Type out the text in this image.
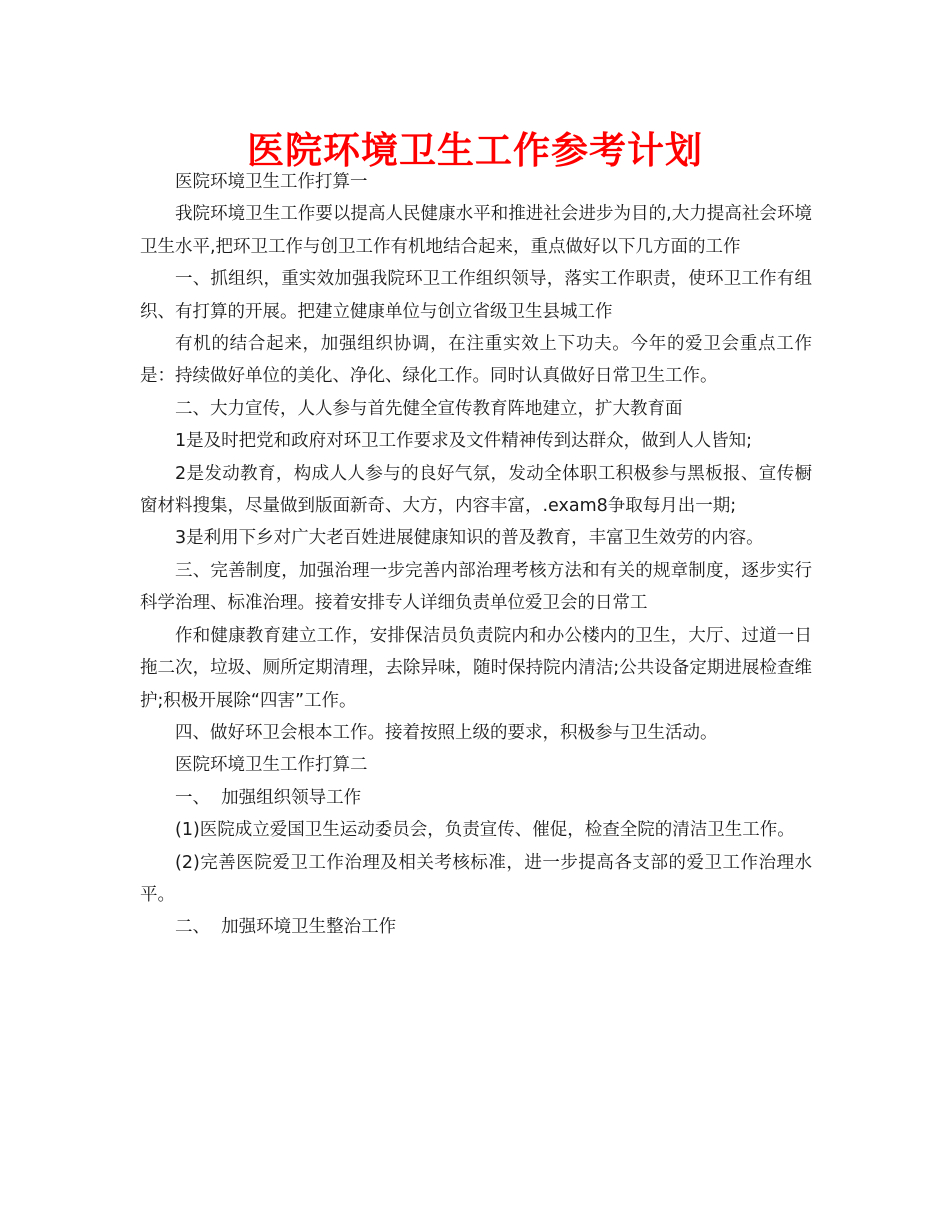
医院环境卫生工作参考计划

医院环境卫生工作打算一

我院环境卫生工作要以提高人民健康水平和推进社会进步为目的,大力提高社会环境卫生水平,把环卫工作与创卫工作有机地结合起来，重点做好以下几方面的工作

一、抓组织，重实效加强我院环卫工作组织领导，落实工作职责，使环卫工作有组织、有打算的开展。把建立健康单位与创立省级卫生县城工作

有机的结合起来，加强组织协调，在注重实效上下功夫。今年的爱卫会重点工作是：持续做好单位的美化、净化、绿化工作。同时认真做好日常卫生工作。

二、大力宣传，人人参与首先健全宣传教育阵地建立，扩大教育面

1是及时把党和政府对环卫工作要求及文件精神传到达群众，做到人人皆知;

2是发动教育，构成人人参与的良好气氛，发动全体职工积极参与黑板报、宣传橱窗材料搜集，尽量做到版面新奇、大方，内容丰富，.exam8争取每月出一期;

3是利用下乡对广大老百姓进展健康知识的普及教育，丰富卫生效劳的内容。

三、完善制度，加强治理一步完善内部治理考核方法和有关的规章制度，逐步实行科学治理、标准治理。接着安排专人详细负责单位爱卫会的日常工

作和健康教育建立工作，安排保洁员负责院内和办公楼内的卫生，大厅、过道一日拖二次，垃圾、厕所定期清理，去除异味，随时保持院内清洁;公共设备定期进展检查维护;积极开展除“四害”工作。

四、做好环卫会根本工作。接着按照上级的要求，积极参与卫生活动。

医院环境卫生工作打算二

一、  加强组织领导工作

(1)医院成立爱国卫生运动委员会，负责宣传、催促，检查全院的清洁卫生工作。

(2)完善医院爱卫工作治理及相关考核标准，进一步提高各支部的爱卫工作治理水平。

二、  加强环境卫生整治工作
